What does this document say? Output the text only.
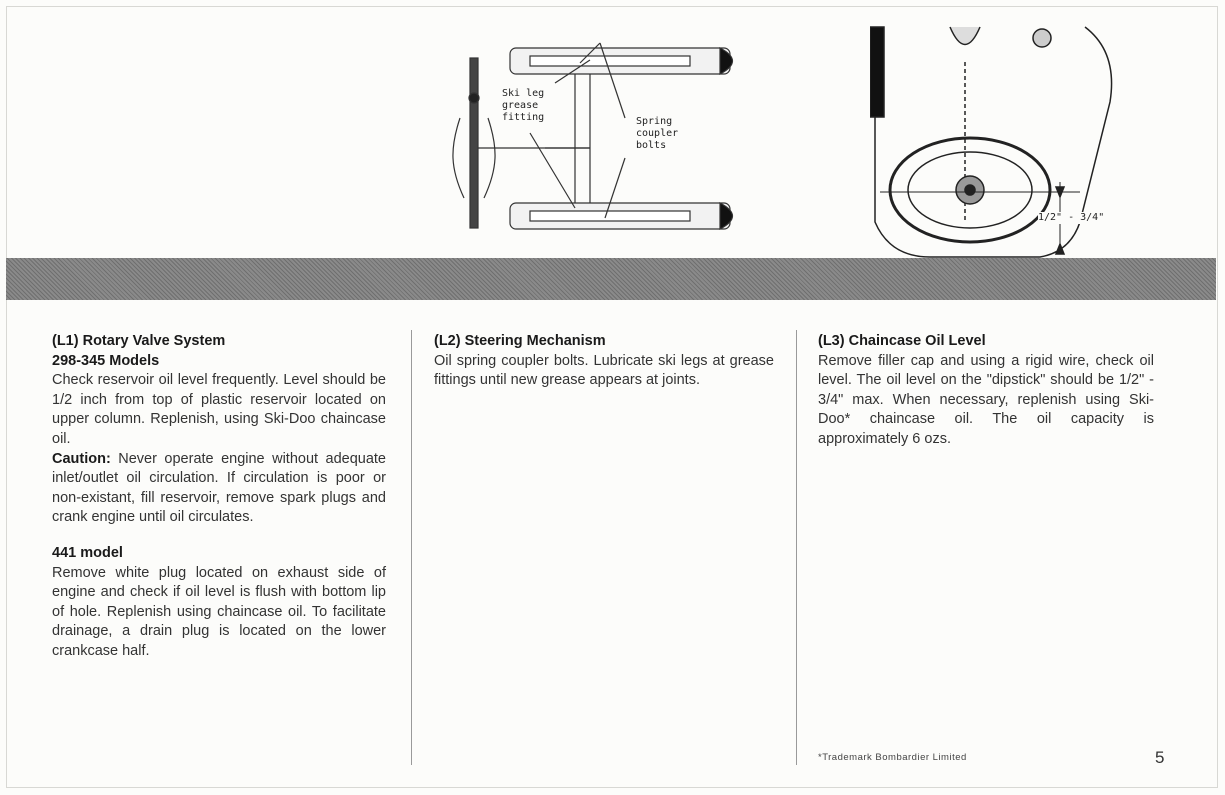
Ski leg
grease
fitting	Spring
coupler
bolts
1/2" - 3/4"
(L1) Rotary Valve System
298-345 Models
Check reservoir oil level frequently. Level should be 1/2 inch from top of plastic reservoir located on upper column. Replenish, using Ski-Doo chaincase oil.
Caution: Never operate engine without adequate inlet/outlet oil circulation. If circulation is poor or non-existant, fill reservoir, remove spark plugs and crank engine until oil circulates.
441 model
Remove white plug located on exhaust side of engine and check if oil level is flush with bottom lip of hole. Replenish using chaincase oil. To facilitate drainage, a drain plug is located on the lower crankcase half.
(L2) Steering Mechanism
Oil spring coupler bolts. Lubricate ski legs at grease fittings until new grease appears at joints.
(L3) Chaincase Oil Level
Remove filler cap and using a rigid wire, check oil level. The oil level on the "dipstick" should be 1/2" - 3/4" max. When necessary, replenish using Ski-Doo* chaincase oil. The oil capacity is approximately 6 ozs.
*Trademark Bombardier Limited	5
